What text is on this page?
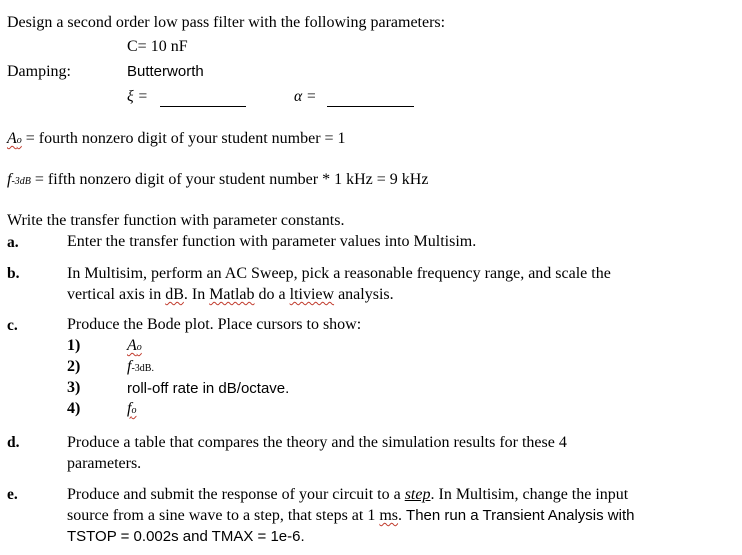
Design a second order low pass filter with the following parameters:
C= 10 nF
Damping:	Butterworth
ξ =	α =
Ao = fourth nonzero digit of your student number = 1
f-3dB = fifth nonzero digit of your student number * 1 kHz = 9 kHz
Write the transfer function with parameter constants.
a.	Enter the transfer function with parameter values into Multisim.
b.	In Multisim, perform an AC Sweep, pick a reasonable frequency range, and scale the
vertical axis in dB. In Matlab do a ltiview analysis.
c.	Produce the Bode plot. Place cursors to show:
1)	Ao
2)	f-3dB.
3)	roll-off rate in dB/octave.
4)	fo
d.	Produce a table that compares the theory and the simulation results for these 4
parameters.
e.	Produce and submit the response of your circuit to a step. In Multisim, change the input
source from a sine wave to a step, that steps at 1 ms. Then run a Transient Analysis with
TSTOP = 0.002s and TMAX = 1e-6.
